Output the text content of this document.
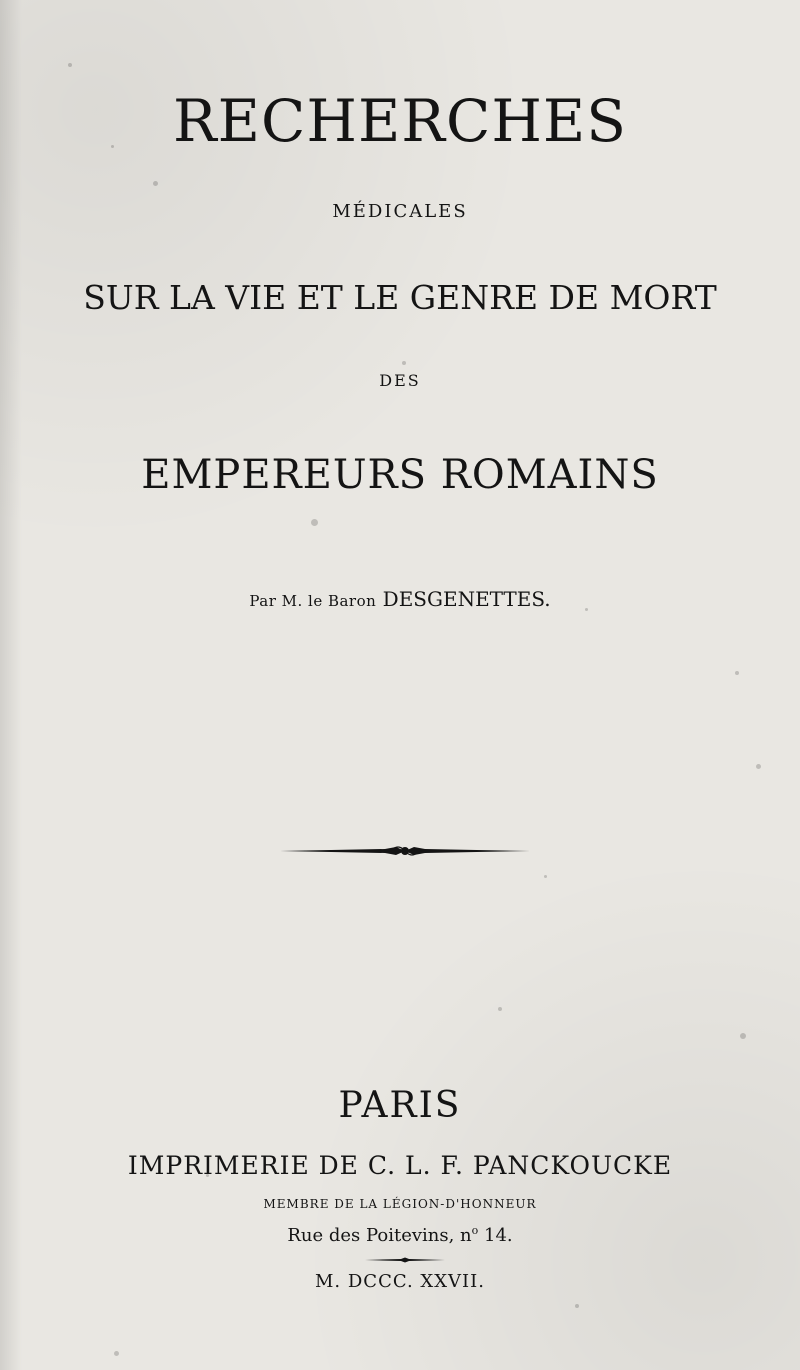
RECHERCHES
MÉDICALES
SUR LA VIE ET LE GENRE DE MORT
DES
EMPEREURS ROMAINS
Par M. le Baron DESGENETTES.
PARIS
IMPRIMERIE DE C. L. F. PANCKOUCKE
MEMBRE DE LA LÉGION-D'HONNEUR
Rue des Poitevins, $n^o$ 14.
M. DCCC. XXVII.
